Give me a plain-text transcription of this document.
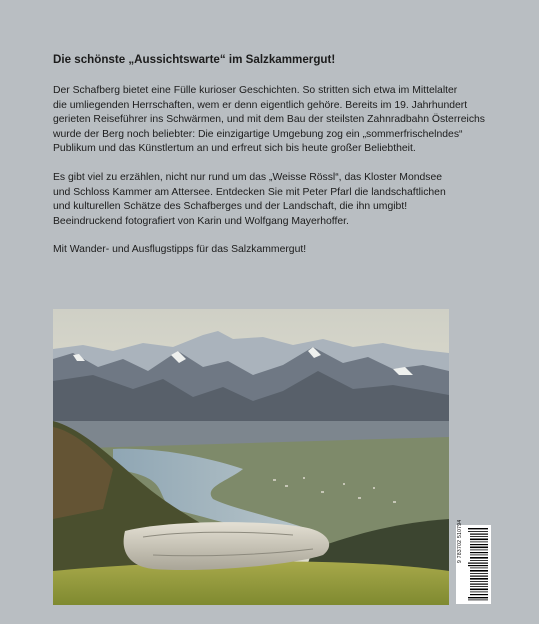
Die schönste „Aussichtswarte“ im Salzkammergut!

Der Schafberg bietet eine Fülle kurioser Geschichten. So stritten sich etwa im Mittelalter
die umliegenden Herrschaften, wem er denn eigentlich gehöre. Bereits im 19. Jahrhundert
gerieten Reiseführer ins Schwärmen, und mit dem Bau der steilsten Zahnradbahn Österreichs
wurde der Berg noch beliebter: Die einzigartige Umgebung zog ein „sommerfrischelndes“
Publikum und das Künstlertum an und erfreut sich bis heute großer Beliebtheit.

Es gibt viel zu erzählen, nicht nur rund um das „Weisse Rössl“, das Kloster Mondsee
und Schloss Kammer am Attersee. Entdecken Sie mit Peter Pfarl die landschaftlichen
und kulturellen Schätze des Schafberges und der Landschaft, die ihn umgibt!
Beeindruckend fotografiert von Karin und Wolfgang Mayerhoffer.

Mit Wander- und Ausflugstipps für das Salzkammergut!

9 783702 510794
